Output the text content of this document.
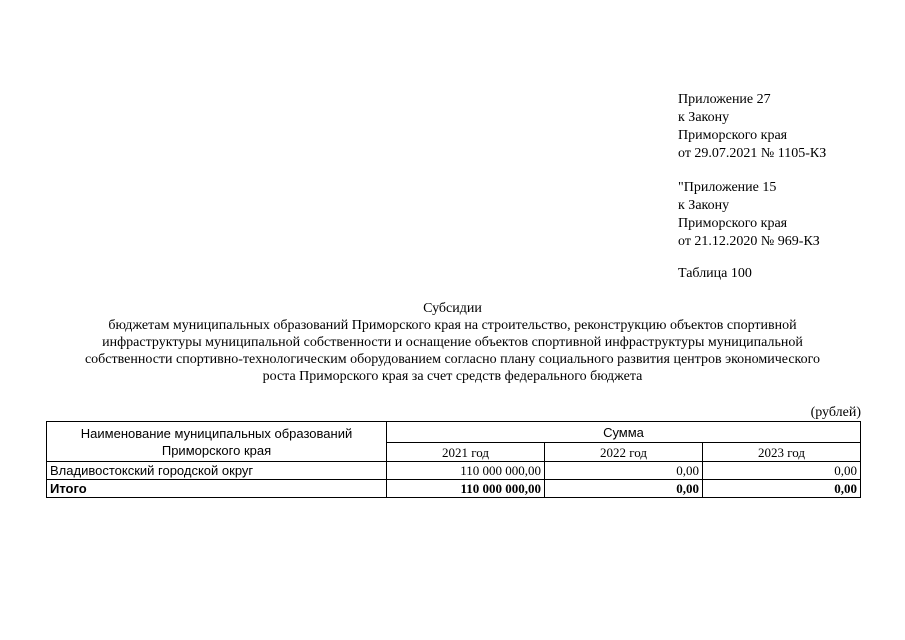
Приложение 27
к Закону
Приморского края
от 29.07.2021 № 1105-КЗ
"Приложение 15
к Закону
Приморского края
от 21.12.2020 № 969-КЗ
Таблица 100
Субсидии
бюджетам муниципальных образований Приморского края на строительство, реконструкцию объектов спортивной
инфраструктуры муниципальной собственности и оснащение объектов спортивной инфраструктуры муниципальной
собственности спортивно-технологическим оборудованием согласно плану социального развития центров экономического
роста Приморского края за счет средств федерального бюджета
(рублей)
Наименование муниципальных образований Приморского края	Сумма		
	2021 год	2022 год	2023 год
Владивостокский городской округ	110 000 000,00	0,00	0,00
Итого	110 000 000,00	0,00	0,00
